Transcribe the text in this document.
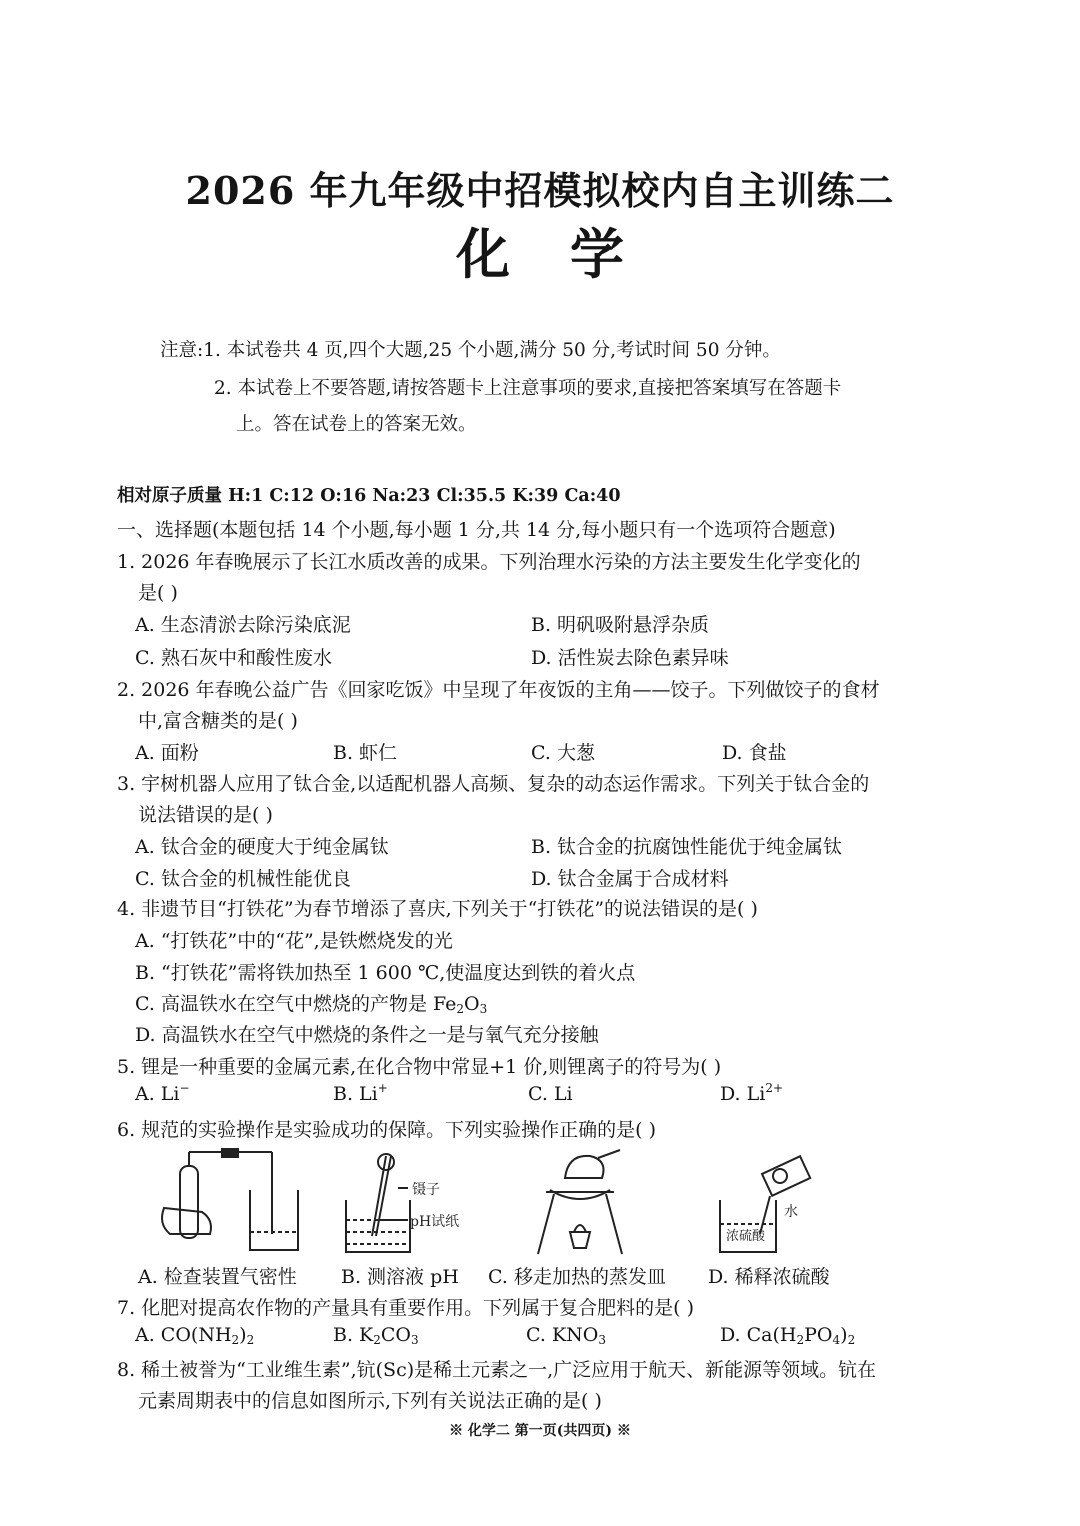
2026 年九年级中招模拟校内自主训练二
化学
注意:1. 本试卷共 4 页,四个大题,25 个小题,满分 50 分,考试时间 50 分钟。
2. 本试卷上不要答题,请按答题卡上注意事项的要求,直接把答案填写在答题卡
上。答在试卷上的答案无效。
相对原子质量 H:1 C:12 O:16 Na:23 Cl:35.5 K:39 Ca:40
一、选择题(本题包括 14 个小题,每小题 1 分,共 14 分,每小题只有一个选项符合题意)
1. 2026 年春晚展示了长江水质改善的成果。下列治理水污染的方法主要发生化学变化的
是( )
A. 生态清淤去除污染底泥	B. 明矾吸附悬浮杂质
C. 熟石灰中和酸性废水	D. 活性炭去除色素异味
2. 2026 年春晚公益广告《回家吃饭》中呈现了年夜饭的主角——饺子。下列做饺子的食材
中,富含糖类的是( )
A. 面粉	B. 虾仁	C. 大葱	D. 食盐
3. 宇树机器人应用了钛合金,以适配机器人高频、复杂的动态运作需求。下列关于钛合金的
说法错误的是( )
A. 钛合金的硬度大于纯金属钛	B. 钛合金的抗腐蚀性能优于纯金属钛
C. 钛合金的机械性能优良	D. 钛合金属于合成材料
4. 非遗节目“打铁花”为春节增添了喜庆,下列关于“打铁花”的说法错误的是( )
A. “打铁花”中的“花”,是铁燃烧发的光
B. “打铁花”需将铁加热至 1 600 ℃,使温度达到铁的着火点
C. 高温铁水在空气中燃烧的产物是 $Fe_2O_3$
D. 高温铁水在空气中燃烧的条件之一是与氧气充分接触
5. 锂是一种重要的金属元素,在化合物中常显+1 价,则锂离子的符号为( )
A. Li−	B. Li+	C. Li	D. $Li^{2+}$
6. 规范的实验操作是实验成功的保障。下列实验操作正确的是( )
镊子
pH试纸
水
浓硫酸
A. 检查装置气密性 B. 测溶液 pH C. 移走加热的蒸发皿 D. 稀释浓硫酸
7. 化肥对提高农作物的产量具有重要作用。下列属于复合肥料的是( )
A. $CO(NH_2)_2$	B. $K_2CO_3$	C. $KNO_3$	D. $Ca(H_2PO_4)_2$
8. 稀土被誉为“工业维生素”,钪(Sc)是稀土元素之一,广泛应用于航天、新能源等领域。钪在
元素周期表中的信息如图所示,下列有关说法正确的是( )
※ 化学二 第一页(共四页) ※
